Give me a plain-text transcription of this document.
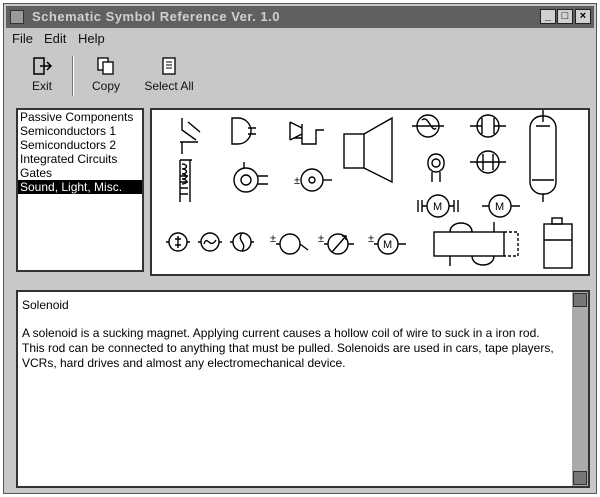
Schematic Symbol Reference Ver. 1.0	_ □	×
File Edit Help
Exit	Copy	Select All
Passive Components
Semiconductors 1
Semiconductors 2
Integrated Circuits
Gates
Sound, Light, Misc.
M	M
M
±
±	±	±
Solenoid
A solenoid is a sucking magnet. Applying current causes a hollow coil of wire to suck in a iron rod. This rod can be connected to anything that must be pulled. Solenoids are used in cars, tape players, VCRs, hard drives and almost any electromechanical device.
